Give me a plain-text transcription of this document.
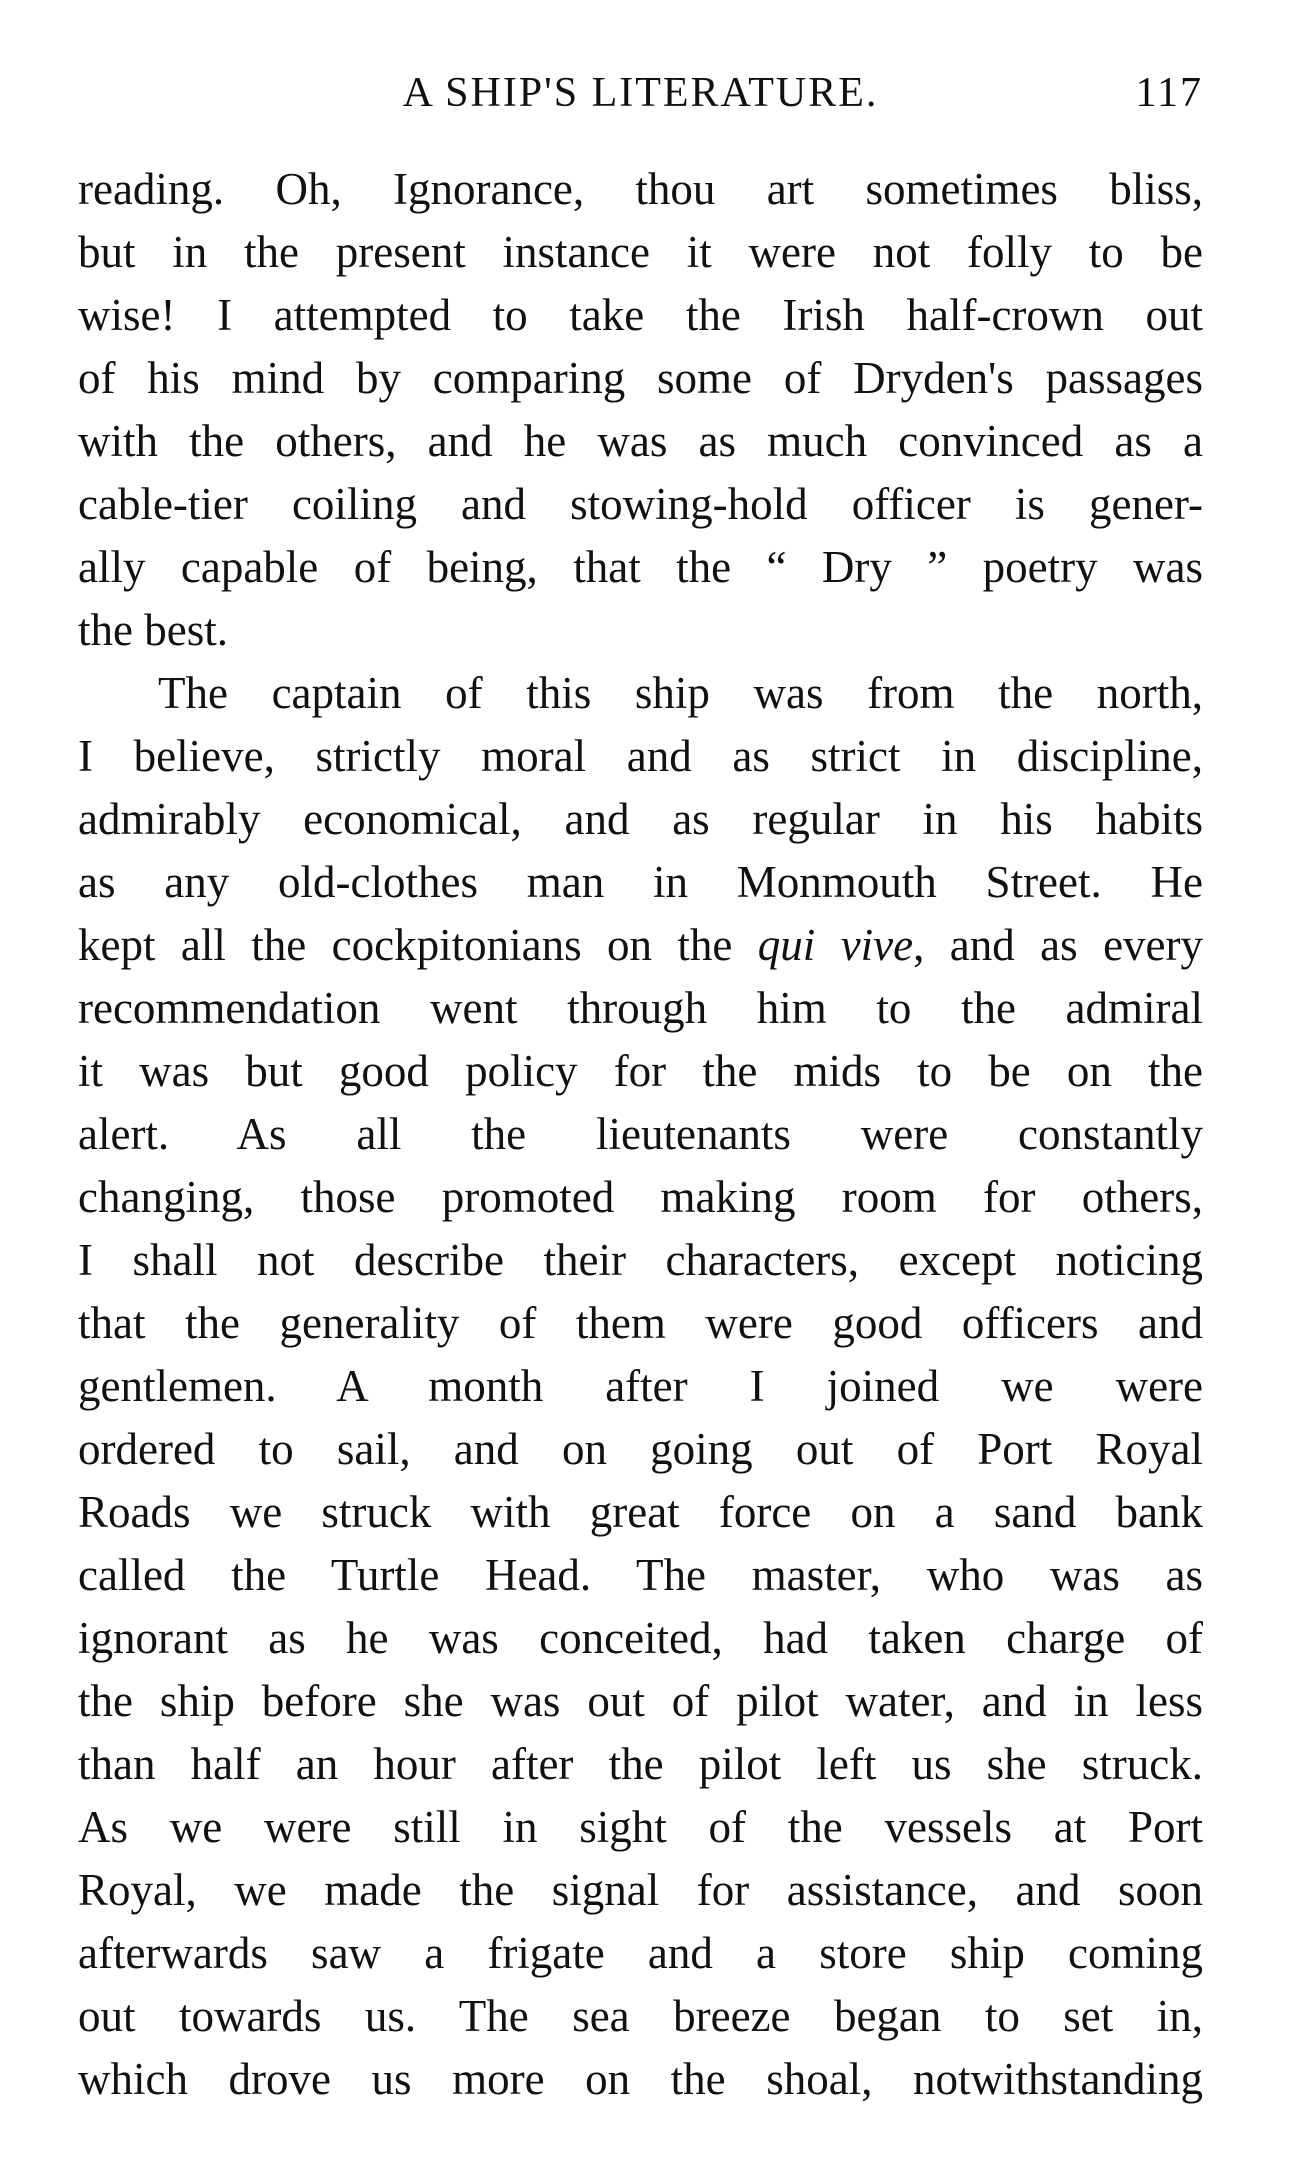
A SHIP'S LITERATURE.	117
reading. Oh, Ignorance, thou art sometimes bliss,
but in the present instance it were not folly to be
wise! I attempted to take the Irish half-crown out
of his mind by comparing some of Dryden's passages
with the others, and he was as much convinced as a
cable-tier coiling and stowing-hold officer is gener-
ally capable of being, that the “ Dry ” poetry was
the best.
The captain of this ship was from the north,
I believe, strictly moral and as strict in discipline,
admirably economical, and as regular in his habits
as any old-clothes man in Monmouth Street. He
kept all the cockpitonians on the qui vive, and as every
recommendation went through him to the admiral
it was but good policy for the mids to be on the
alert. As all the lieutenants were constantly
changing, those promoted making room for others,
I shall not describe their characters, except noticing
that the generality of them were good officers and
gentlemen. A month after I joined we were
ordered to sail, and on going out of Port Royal
Roads we struck with great force on a sand bank
called the Turtle Head. The master, who was as
ignorant as he was conceited, had taken charge of
the ship before she was out of pilot water, and in less
than half an hour after the pilot left us she struck.
As we were still in sight of the vessels at Port
Royal, we made the signal for assistance, and soon
afterwards saw a frigate and a store ship coming
out towards us. The sea breeze began to set in,
which drove us more on the shoal, notwithstanding
